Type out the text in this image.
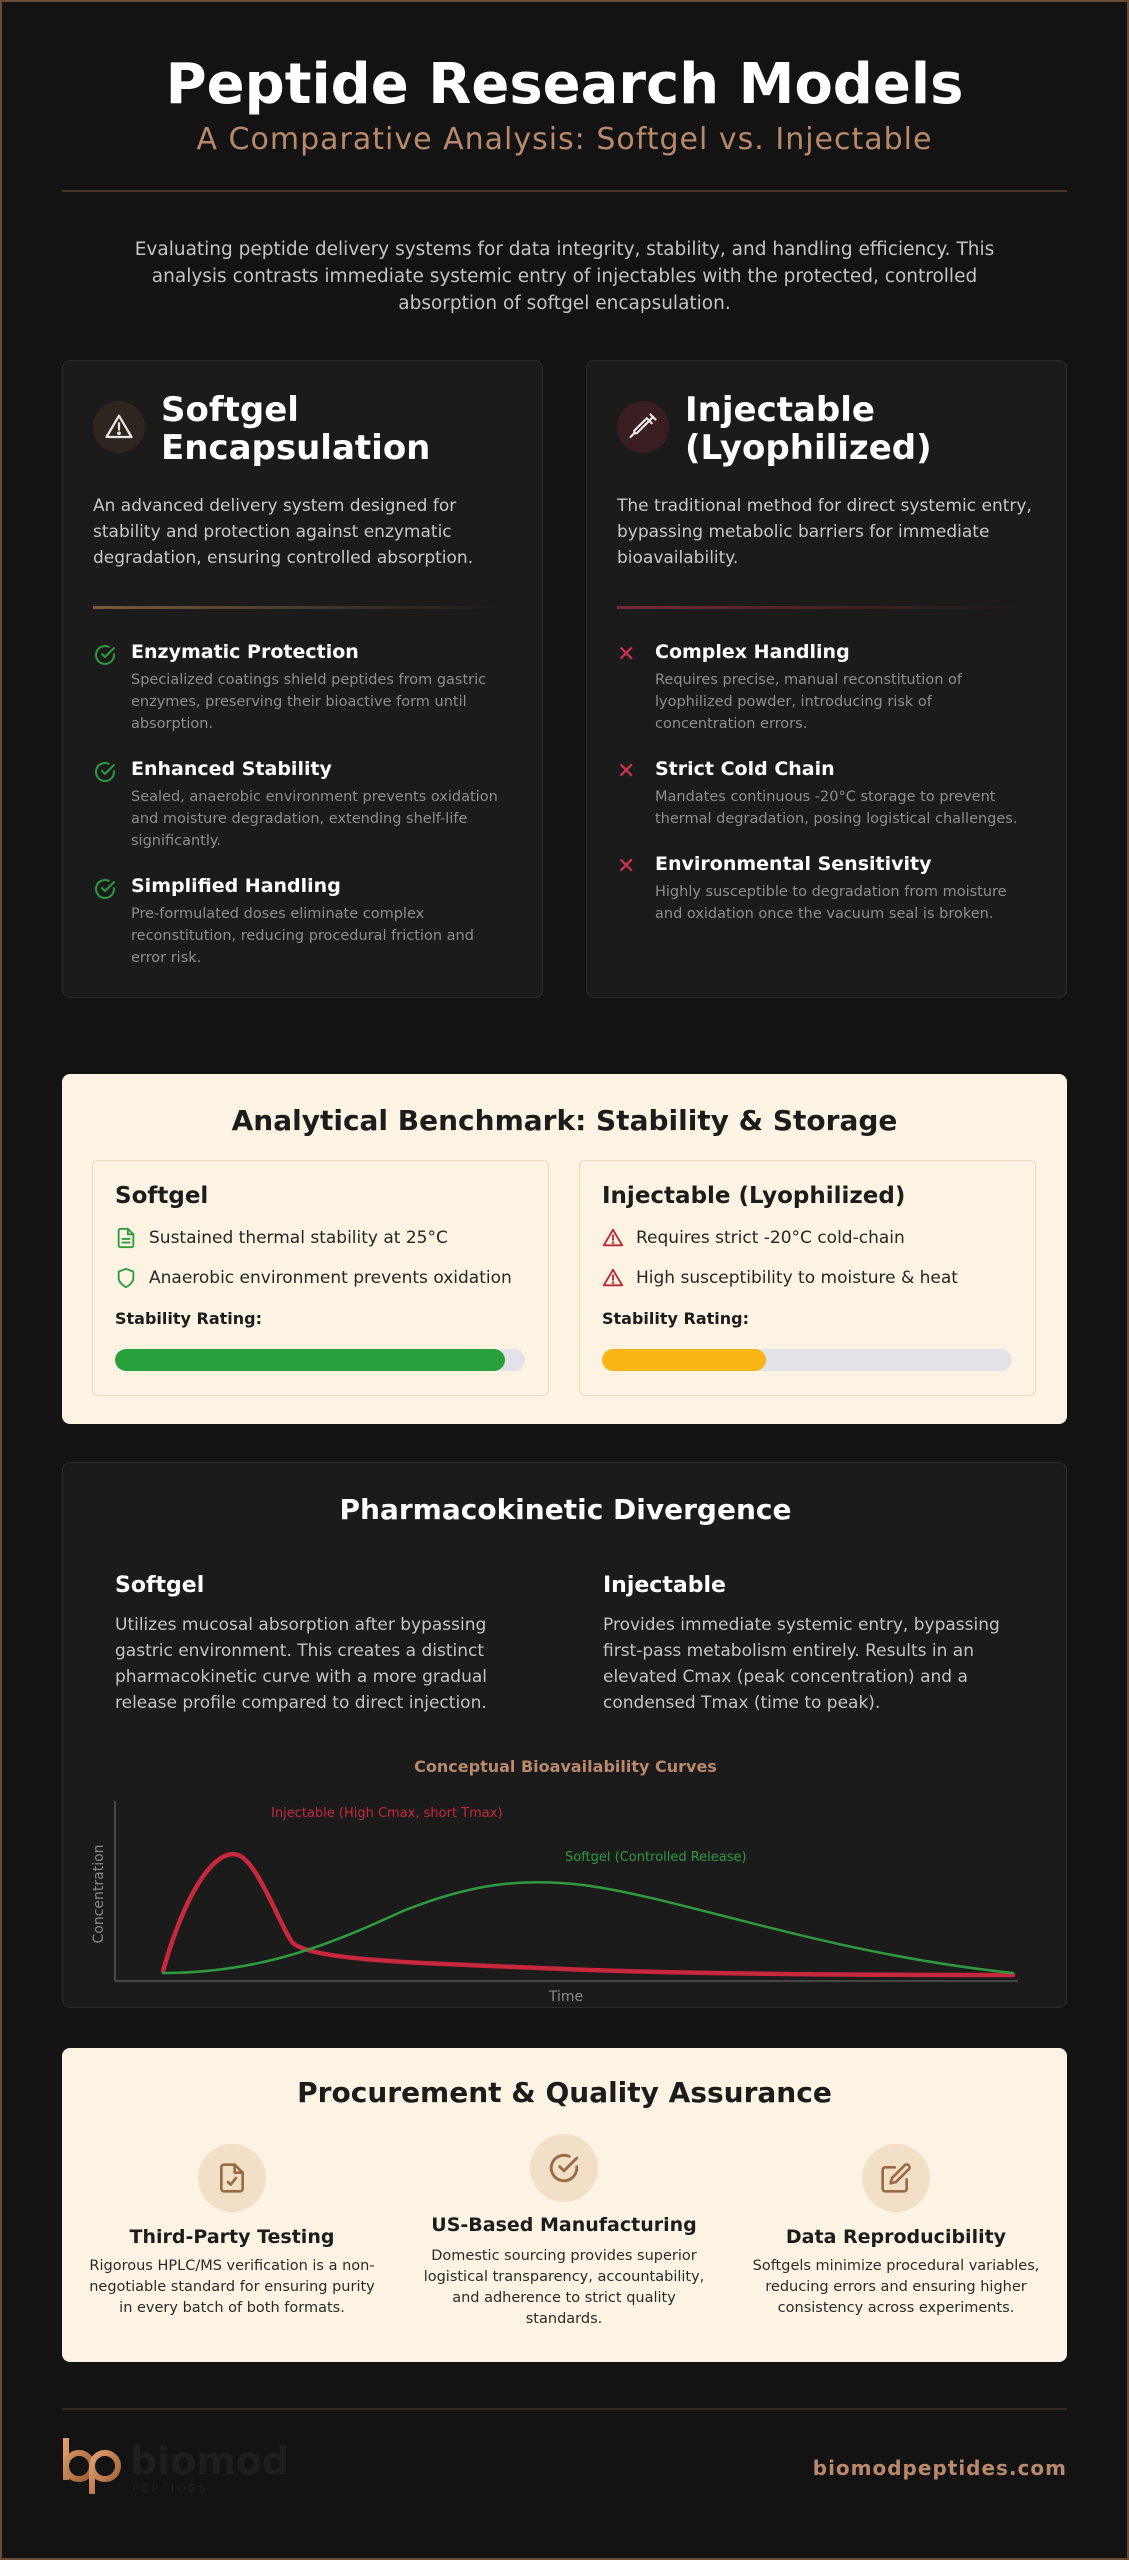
Peptide Research Models
A Comparative Analysis: Softgel vs. Injectable
Evaluating peptide delivery systems for data integrity, stability, and handling efficiency. This analysis contrasts immediate systemic entry of injectables with the protected, controlled absorption of softgel encapsulation.
Softgel
Encapsulation
An advanced delivery system designed for stability and protection against enzymatic degradation, ensuring controlled absorption.
Enzymatic Protection
Specialized coatings shield peptides from gastric enzymes, preserving their bioactive form until absorption.
Enhanced Stability
Sealed, anaerobic environment prevents oxidation and moisture degradation, extending shelf-life significantly.
Simplified Handling
Pre-formulated doses eliminate complex reconstitution, reducing procedural friction and error risk.
Injectable
(Lyophilized)
The traditional method for direct systemic entry, bypassing metabolic barriers for immediate bioavailability.
✕ Complex Handling
Requires precise, manual reconstitution of lyophilized powder, introducing risk of concentration errors.
✕ Strict Cold Chain
Mandates continuous -20°C storage to prevent thermal degradation, posing logistical challenges.
✕ Environmental Sensitivity
Highly susceptible to degradation from moisture and oxidation once the vacuum seal is broken.
Analytical Benchmark: Stability & Storage
Softgel
Sustained thermal stability at 25°C
Anaerobic environment prevents oxidation
Stability Rating:
Injectable (Lyophilized)
Requires strict -20°C cold-chain
High susceptibility to moisture & heat
Stability Rating:
Pharmacokinetic Divergence
Softgel

Utilizes mucosal absorption after bypassing gastric environment. This creates a distinct pharmacokinetic curve with a more gradual release profile compared to direct injection.

Injectable

Provides immediate systemic entry, bypassing first-pass metabolism entirely. Results in an elevated Cmax (peak concentration) and a condensed Tmax (time to peak).

Conceptual Bioavailability Curves
Concentration
Time
Injectable (High Cmax, short Tmax)
Softgel (Controlled Release)
Procurement & Quality Assurance
Third-Party Testing

Rigorous HPLC/MS verification is a non-negotiable standard for ensuring purity in every batch of both formats.

US-Based Manufacturing

Domestic sourcing provides superior logistical transparency, accountability, and adherence to strict quality standards.

Data Reproducibility

Softgels minimize procedural variables, reducing errors and ensuring higher consistency across experiments.

biomod
PEPTIDES
biomodpeptides.com
